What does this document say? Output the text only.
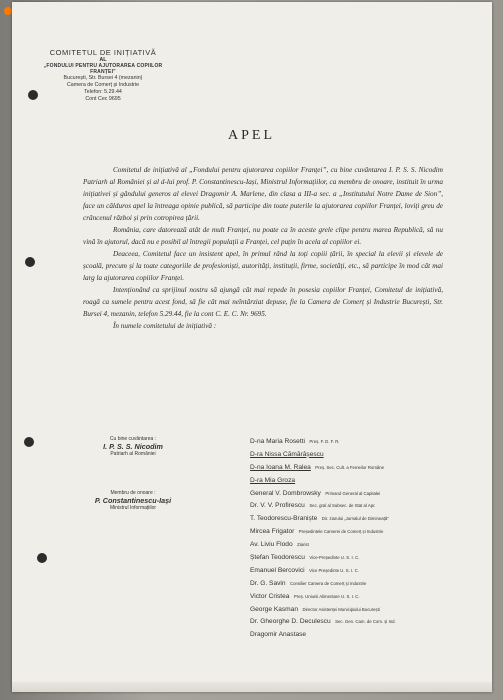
COMITETUL DE INIȚIATIVĂ
AL
„FONDULUI PENTRU AJUTORAREA COPIILOR FRANȚEI”
București, Str. Bursei 4 (mezanin)
Camera de Comerț și Industrie
Telefon: 5.29.44
Cont Cec 9695
APEL

Comitetul de inițiativă al „Fondului pentru ajutorarea copiilor Franței”, cu bine cuvântarea I. P. S. S. Nicodim Patriarh al României și al d-lui prof. P. Constantinescu-Iași, Ministrul Informațiilor, ca membru de onoare, instituit în urma inițiativei și gândului generos al elevei Dragomir A. Marlene, din clasa a III-a sec. a „Institutului Notre Dame de Sion”, face un călduros apel la întreaga opinie publică, să participe din toate puterile la ajutorarea copiilor Franței, loviți greu de crâncenul război și prin cotropirea țării.

România, care datorează atât de mult Franței, nu poate ca în aceste grele clipe pentru marea Republică, să nu vină în ajutorul, dacă nu e posibil al întregii populații a Franței, cel puțin în acela al copiilor ei.

Deaceea, Comitetul face un insistent apel, în primul rând la toți copiii țării, în special la elevii și elevele de școală, precum și la toate categoriile de profesioniști, autorități, instituții, firme, societăți, etc., să participe în mod cât mai larg la ajutorarea copiilor Franței.

Intenționând ca sprijinul nostru să ajungă cât mai repede în posesia copiilor Franței, Comitetul de inițiativă, roagă ca sumele pentru acest fond, să fie cât mai neîntârziat depuse, fie la Camera de Comerț și Industrie București, Str. Bursei 4, mezanin, telefon 5.29.44, fie la cont C. E. C. Nr. 9695.

În numele comitetului de inițiativă :

Cu bine cuvântarea :
I. P. S. S. Nicodim
Patriarh al României
Membru de onoare :
P. Constantinescu-Iași
Ministrul Informațiilor
D-na Maria Rosetti Preș. F. D. F. R.
D-ra Nissa Cămărășescu
D-na Ioana M. Ralea Preș. Sec. Cult. a Femeilor Române
D-ra Mia Groza
General V. Dombrowsky Primarul General al Capitalei
Dr. V. V. Profirescu Sec. gral al Subsec. de Stat al Apr.
T. Teodorescu-Braniște Dir. ziarului „Jurnalul de Dimineață”
Mircea Frigator Președintele Camerei de Comerț și Industrie
Av. Liviu Flodo Ziarist
Ștefan Teodorescu Vice-Președinte U. S. I. C.
Emanuel Bercovici Vice Președinte U. S. I. C.
Dr. G. Savin Consilier Camera de Comerț și Industrie
Victor Cristea Preș. Uniunii Alimentare U. S. I. C.
George Kasman Director Asistenței Municipiului București
Dr. Gheorghe D. Deculescu Sec. Gen. Cam. de Com. și Ind.
Dragomir Anastase
